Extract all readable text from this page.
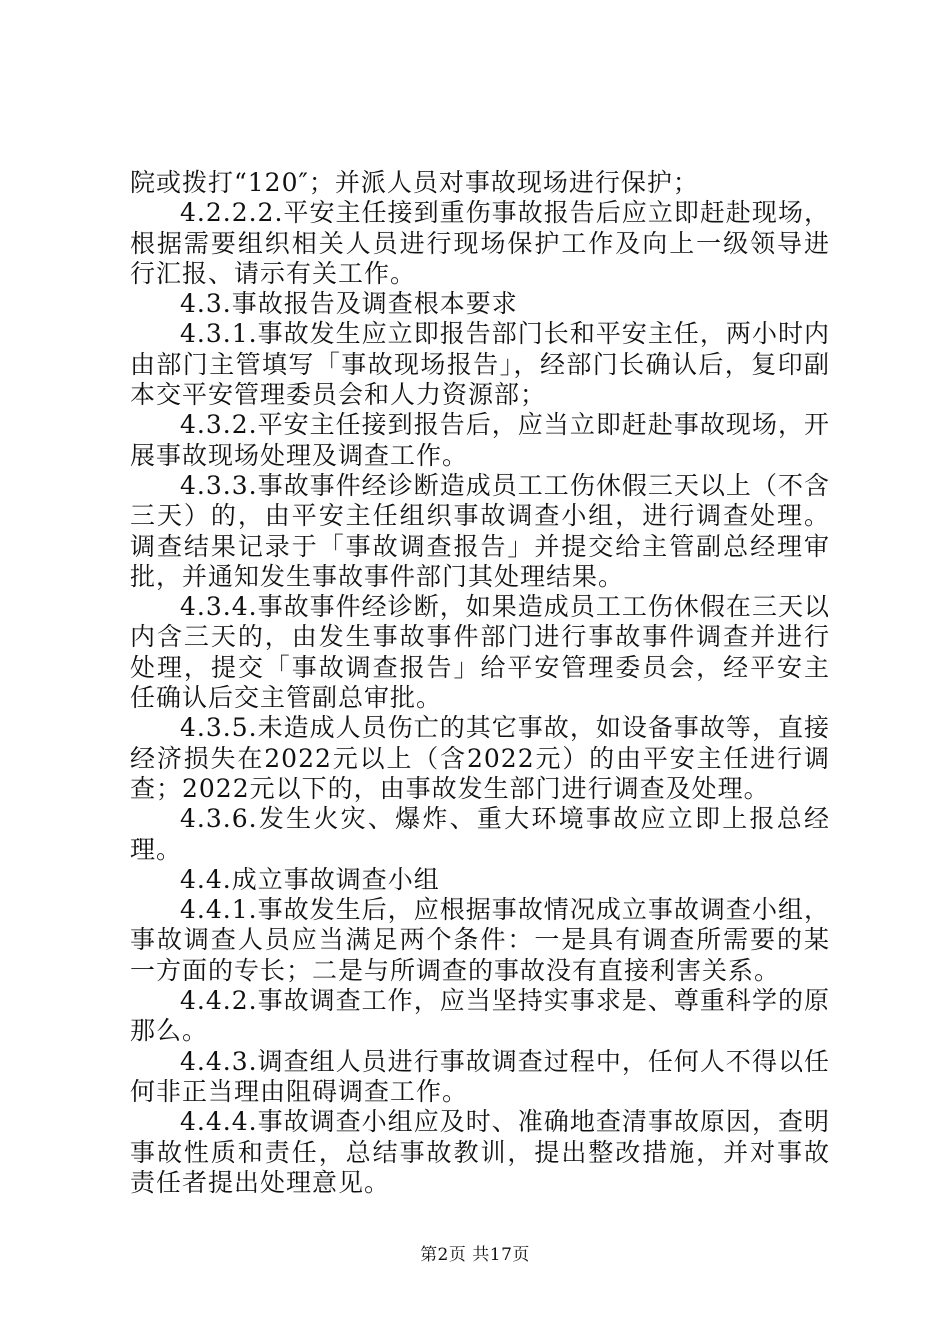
院或拨打“120″；并派人员对事故现场进行保护；

4.2.2.2.平安主任接到重伤事故报告后应立即赶赴现场，根据需要组织相关人员进行现场保护工作及向上一级领导进行汇报、请示有关工作。

4.3.事故报告及调查根本要求

4.3.1.事故发生应立即报告部门长和平安主任，两小时内由部门主管填写「事故现场报告」，经部门长确认后，复印副本交平安管理委员会和人力资源部；

4.3.2.平安主任接到报告后，应当立即赶赴事故现场，开展事故现场处理及调查工作。

4.3.3.事故事件经诊断造成员工工伤休假三天以上（不含三天）的，由平安主任组织事故调查小组，进行调查处理。调查结果记录于「事故调查报告」并提交给主管副总经理审批，并通知发生事故事件部门其处理结果。

4.3.4.事故事件经诊断，如果造成员工工伤休假在三天以内含三天的，由发生事故事件部门进行事故事件调查并进行处理，提交「事故调查报告」给平安管理委员会，经平安主任确认后交主管副总审批。

4.3.5.未造成人员伤亡的其它事故，如设备事故等，直接经济损失在2022元以上（含2022元）的由平安主任进行调查；2022元以下的，由事故发生部门进行调查及处理。

4.3.6.发生火灾、爆炸、重大环境事故应立即上报总经理。

4.4.成立事故调查小组

4.4.1.事故发生后，应根据事故情况成立事故调查小组，事故调查人员应当满足两个条件：一是具有调查所需要的某一方面的专长；二是与所调查的事故没有直接利害关系。

4.4.2.事故调查工作，应当坚持实事求是、尊重科学的原那么。

4.4.3.调查组人员进行事故调查过程中，任何人不得以任何非正当理由阻碍调查工作。

4.4.4.事故调查小组应及时、准确地查清事故原因，查明事故性质和责任，总结事故教训，提出整改措施，并对事故责任者提出处理意见。

第2页 共17页
